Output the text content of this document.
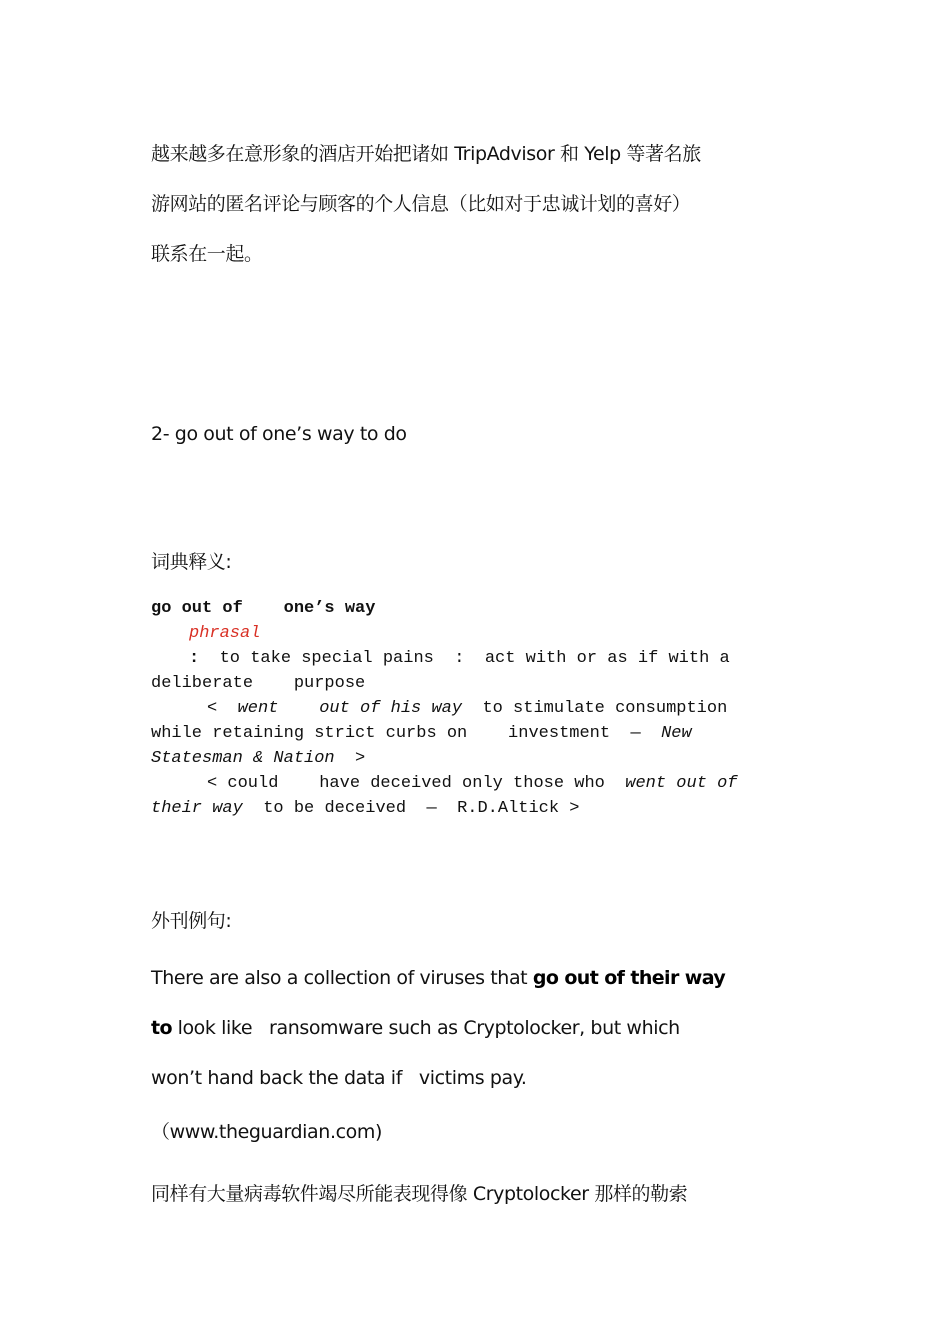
越来越多在意形象的酒店开始把诸如 TripAdvisor 和 Yelp 等著名旅
游网站的匿名评论与顾客的个人信息（比如对于忠诚计划的喜好）
联系在一起。
2- go out of one’s way to do
词典释义:
go out of    one’s way
phrasal
:  to take special pains  :  act with or as if with a
deliberate    purpose
<  went    out of his way  to stimulate consumption
while retaining strict curbs on    investment  —  New
Statesman & Nation  >
< could    have deceived only those who  went out of
their way  to be deceived  —  R.D.Altick >
外刊例句:
There are also a collection of viruses that go out of their way
to look like   ransomware such as Cryptolocker, but which
won’t hand back the data if   victims pay.
（www.theguardian.com)
同样有大量病毒软件竭尽所能表现得像 Cryptolocker 那样的勒索
